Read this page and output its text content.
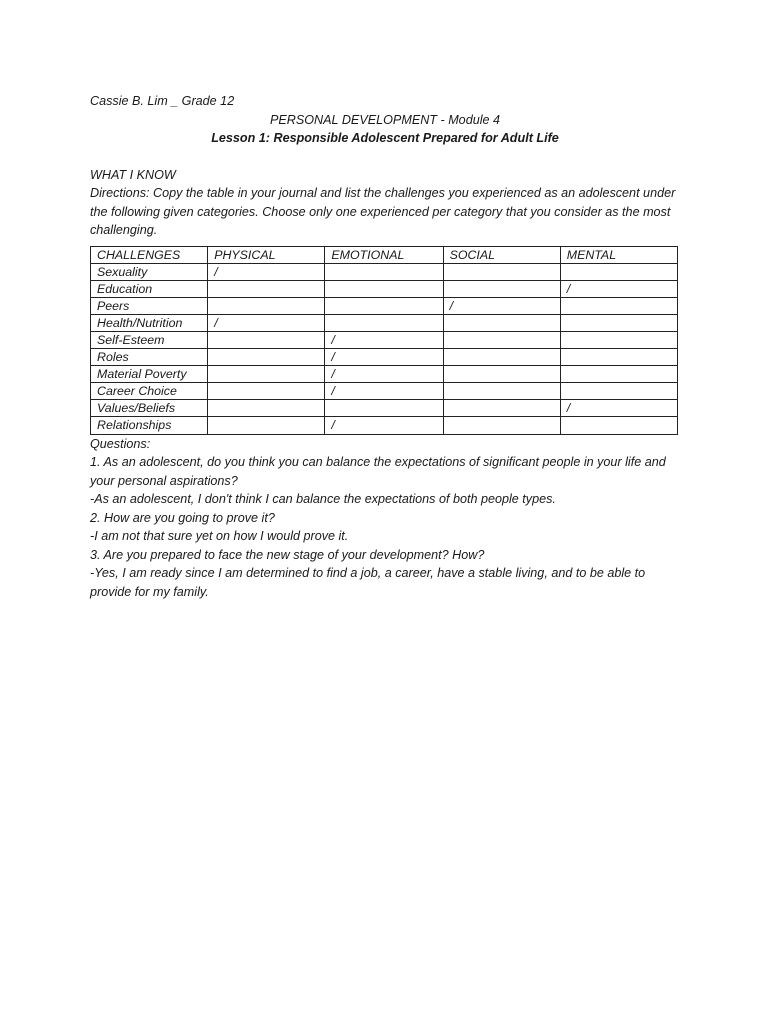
Cassie B. Lim _ Grade 12
PERSONAL DEVELOPMENT - Module 4
Lesson 1: Responsible Adolescent Prepared for Adult Life
WHAT I KNOW
Directions: Copy the table in your journal and list the challenges you experienced as an adolescent under the following given categories. Choose only one experienced per category that you consider as the most challenging.
CHALLENGES	PHYSICAL	EMOTIONAL	SOCIAL	MENTAL
Sexuality	/			
Education				/
Peers			/	
Health/Nutrition	/			
Self-Esteem		/		
Roles		/		
Material Poverty		/		
Career Choice		/		
Values/Beliefs				/
Relationships		/		
Questions:
1. As an adolescent, do you think you can balance the expectations of significant people in your life and your personal aspirations?
-As an adolescent, I don't think I can balance the expectations of both people types.
2. How are you going to prove it?
-I am not that sure yet on how I would prove it.
3. Are you prepared to face the new stage of your development? How?
-Yes, I am ready since I am determined to find a job, a career, have a stable living, and to be able to provide for my family.
